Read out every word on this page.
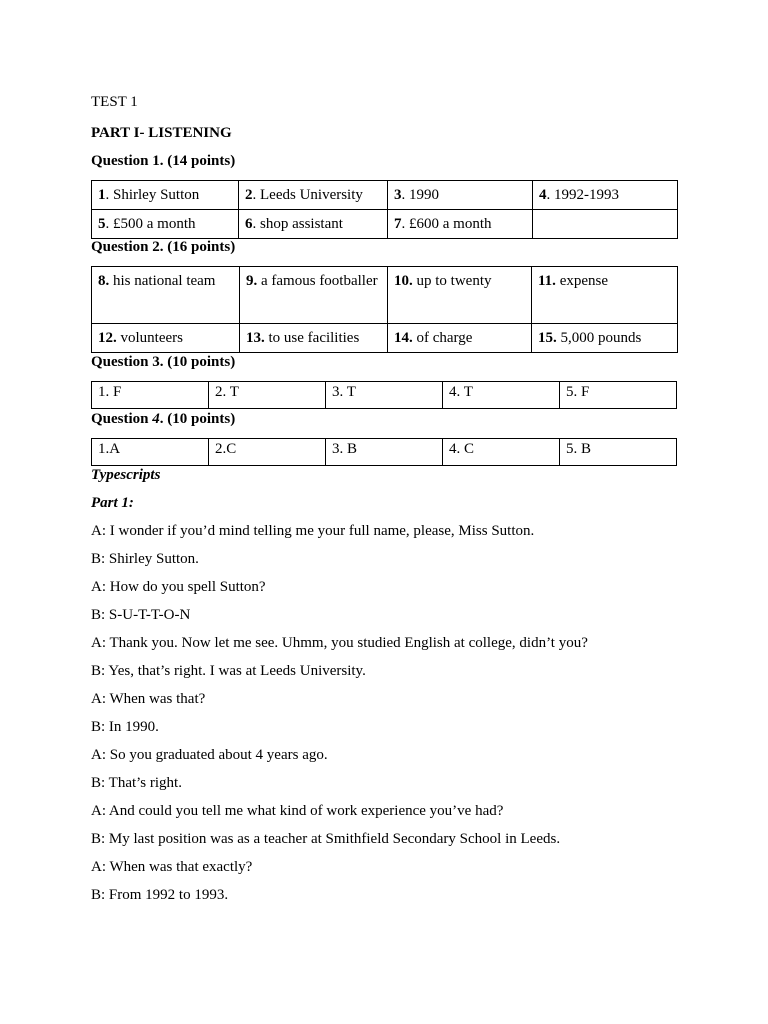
TEST 1
PART I- LISTENING
Question 1. (14 points)
1. Shirley Sutton	2. Leeds University	3. 1990	4. 1992-1993
5. £500 a month	6. shop assistant	7. £600 a month	
Question 2. (16 points)
8. his national team	9. a famous footballer	10. up to twenty	11. expense
12. volunteers	13. to use facilities	14. of charge	15. 5,000 pounds
Question 3. (10 points)
1. F	2. T	3. T	4. T	5. F
Question 4. (10 points)
1.A	2.C	3. B	4. C	5. B
Typescripts
Part 1:
A: I wonder if you’d mind telling me your full name, please, Miss Sutton.
B: Shirley Sutton.
A: How do you spell Sutton?
B: S-U-T-T-O-N
A: Thank you. Now let me see. Uhmm, you studied English at college, didn’t you?
B: Yes, that’s right. I was at Leeds University.
A: When was that?
B: In 1990.
A: So you graduated about 4 years ago.
B: That’s right.
A: And could you tell me what kind of work experience you’ve had?
B: My last position was as a teacher at Smithfield Secondary School in Leeds.
A: When was that exactly?
B: From 1992 to 1993.
